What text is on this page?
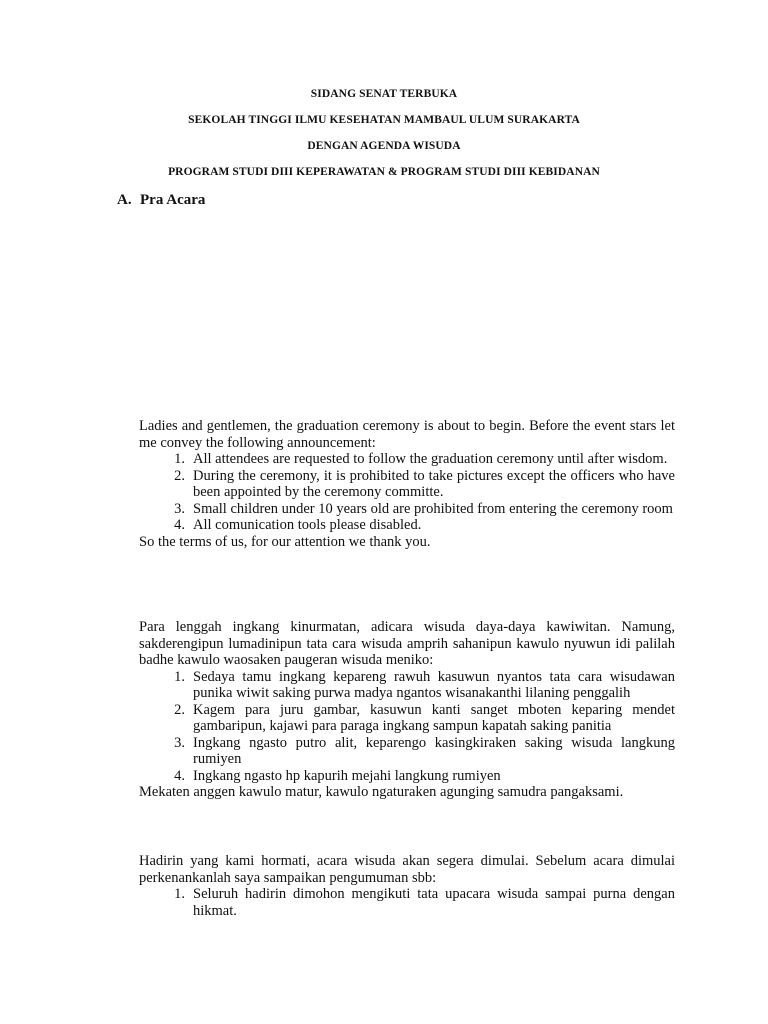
SIDANG SENAT TERBUKA
SEKOLAH TINGGI ILMU KESEHATAN MAMBAUL ULUM SURAKARTA
DENGAN AGENDA WISUDA
PROGRAM STUDI DIII KEPERAWATAN & PROGRAM STUDI DIII KEBIDANAN
A. Pra Acara

Ladies and gentlemen, the graduation ceremony is about to begin. Before the event stars let me convey the following announcement:

1. All attendees are requested to follow the graduation ceremony until after wisdom.
2. During the ceremony, it is prohibited to take pictures except the officers who have been appointed by the ceremony committe.
3. Small children under 10 years old are prohibited from entering the ceremony room
4. All comunication tools please disabled.

So the terms of us, for our attention we thank you.

Para lenggah ingkang kinurmatan, adicara wisuda daya-daya kawiwitan. Namung, sakderengipun lumadinipun tata cara wisuda amprih sahanipun kawulo nyuwun idi palilah badhe kawulo waosaken paugeran wisuda meniko:

1. Sedaya tamu ingkang kepareng rawuh kasuwun nyantos tata cara wisudawan punika wiwit saking purwa madya ngantos wisanakanthi lilaning penggalih
2. Kagem para juru gambar, kasuwun kanti sanget mboten keparing mendet gambaripun, kajawi para paraga ingkang sampun kapatah saking panitia
3. Ingkang ngasto putro alit, keparengo kasingkiraken saking wisuda langkung rumiyen
4. Ingkang ngasto hp kapurih mejahi langkung rumiyen

Mekaten anggen kawulo matur, kawulo ngaturaken agunging samudra pangaksami.

Hadirin yang kami hormati, acara wisuda akan segera dimulai. Sebelum acara dimulai perkenankanlah saya sampaikan pengumuman sbb:

1. Seluruh hadirin dimohon mengikuti tata upacara wisuda sampai purna dengan hikmat.
